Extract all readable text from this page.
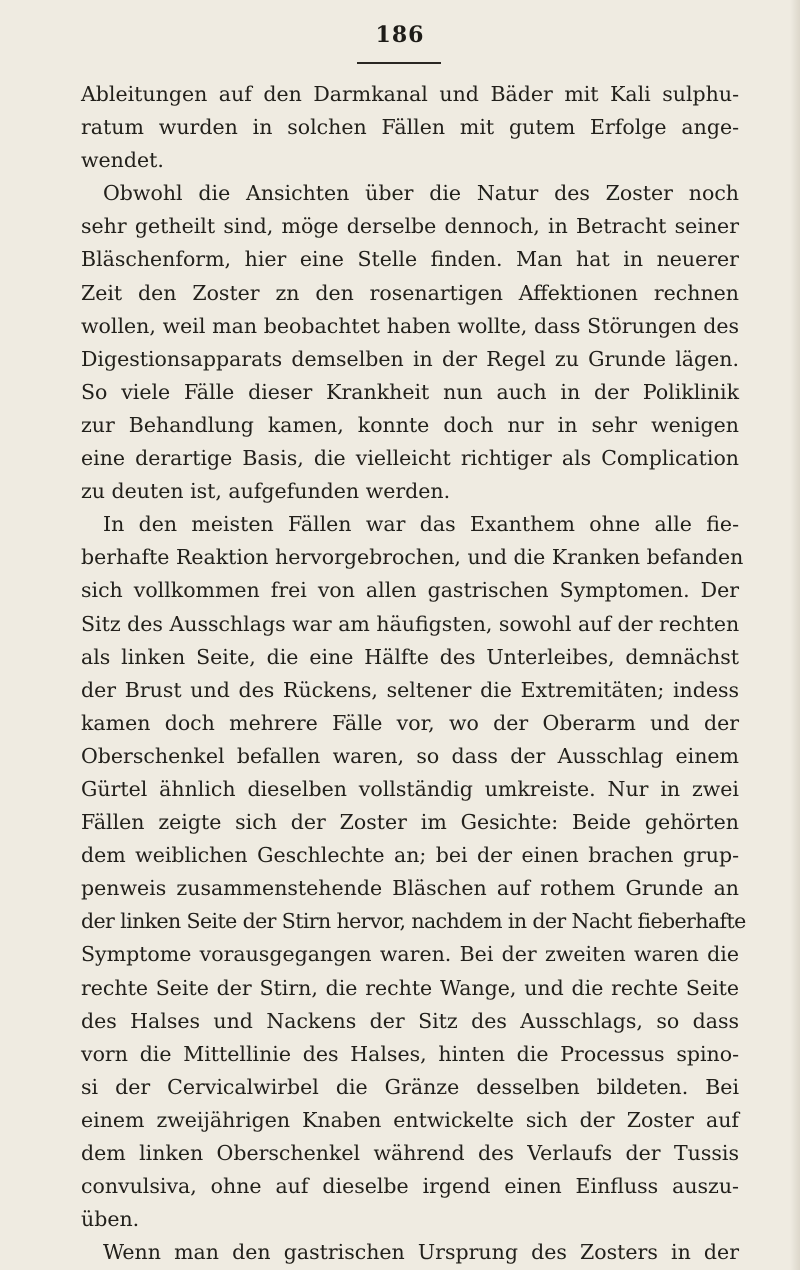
186
Ableitungen auf den Darmkanal und Bäder mit Kali sulphu-
ratum wurden in solchen Fällen mit gutem Erfolge ange-
wendet.
Obwohl die Ansichten über die Natur des Zoster noch
sehr getheilt sind, möge derselbe dennoch, in Betracht seiner
Bläschenform, hier eine Stelle finden. Man hat in neuerer
Zeit den Zoster zn den rosenartigen Affektionen rechnen
wollen, weil man beobachtet haben wollte, dass Störungen des
Digestionsapparats demselben in der Regel zu Grunde lägen.
So viele Fälle dieser Krankheit nun auch in der Poliklinik
zur Behandlung kamen, konnte doch nur in sehr wenigen
eine derartige Basis, die vielleicht richtiger als Complication
zu deuten ist, aufgefunden werden.
In den meisten Fällen war das Exanthem ohne alle fie-
berhafte Reaktion hervorgebrochen, und die Kranken befanden
sich vollkommen frei von allen gastrischen Symptomen. Der
Sitz des Ausschlags war am häufigsten, sowohl auf der rechten
als linken Seite, die eine Hälfte des Unterleibes, demnächst
der Brust und des Rückens, seltener die Extremitäten; indess
kamen doch mehrere Fälle vor, wo der Oberarm und der
Oberschenkel befallen waren, so dass der Ausschlag einem
Gürtel ähnlich dieselben vollständig umkreiste. Nur in zwei
Fällen zeigte sich der Zoster im Gesichte: Beide gehörten
dem weiblichen Geschlechte an; bei der einen brachen grup-
penweis zusammenstehende Bläschen auf rothem Grunde an
der linken Seite der Stirn hervor, nachdem in der Nacht fieberhafte
Symptome vorausgegangen waren. Bei der zweiten waren die
rechte Seite der Stirn, die rechte Wange, und die rechte Seite
des Halses und Nackens der Sitz des Ausschlags, so dass
vorn die Mittellinie des Halses, hinten die Processus spino-
si der Cervicalwirbel die Gränze desselben bildeten. Bei
einem zweijährigen Knaben entwickelte sich der Zoster auf
dem linken Oberschenkel während des Verlaufs der Tussis
convulsiva, ohne auf dieselbe irgend einen Einfluss auszu-
üben.
Wenn man den gastrischen Ursprung des Zosters in der
